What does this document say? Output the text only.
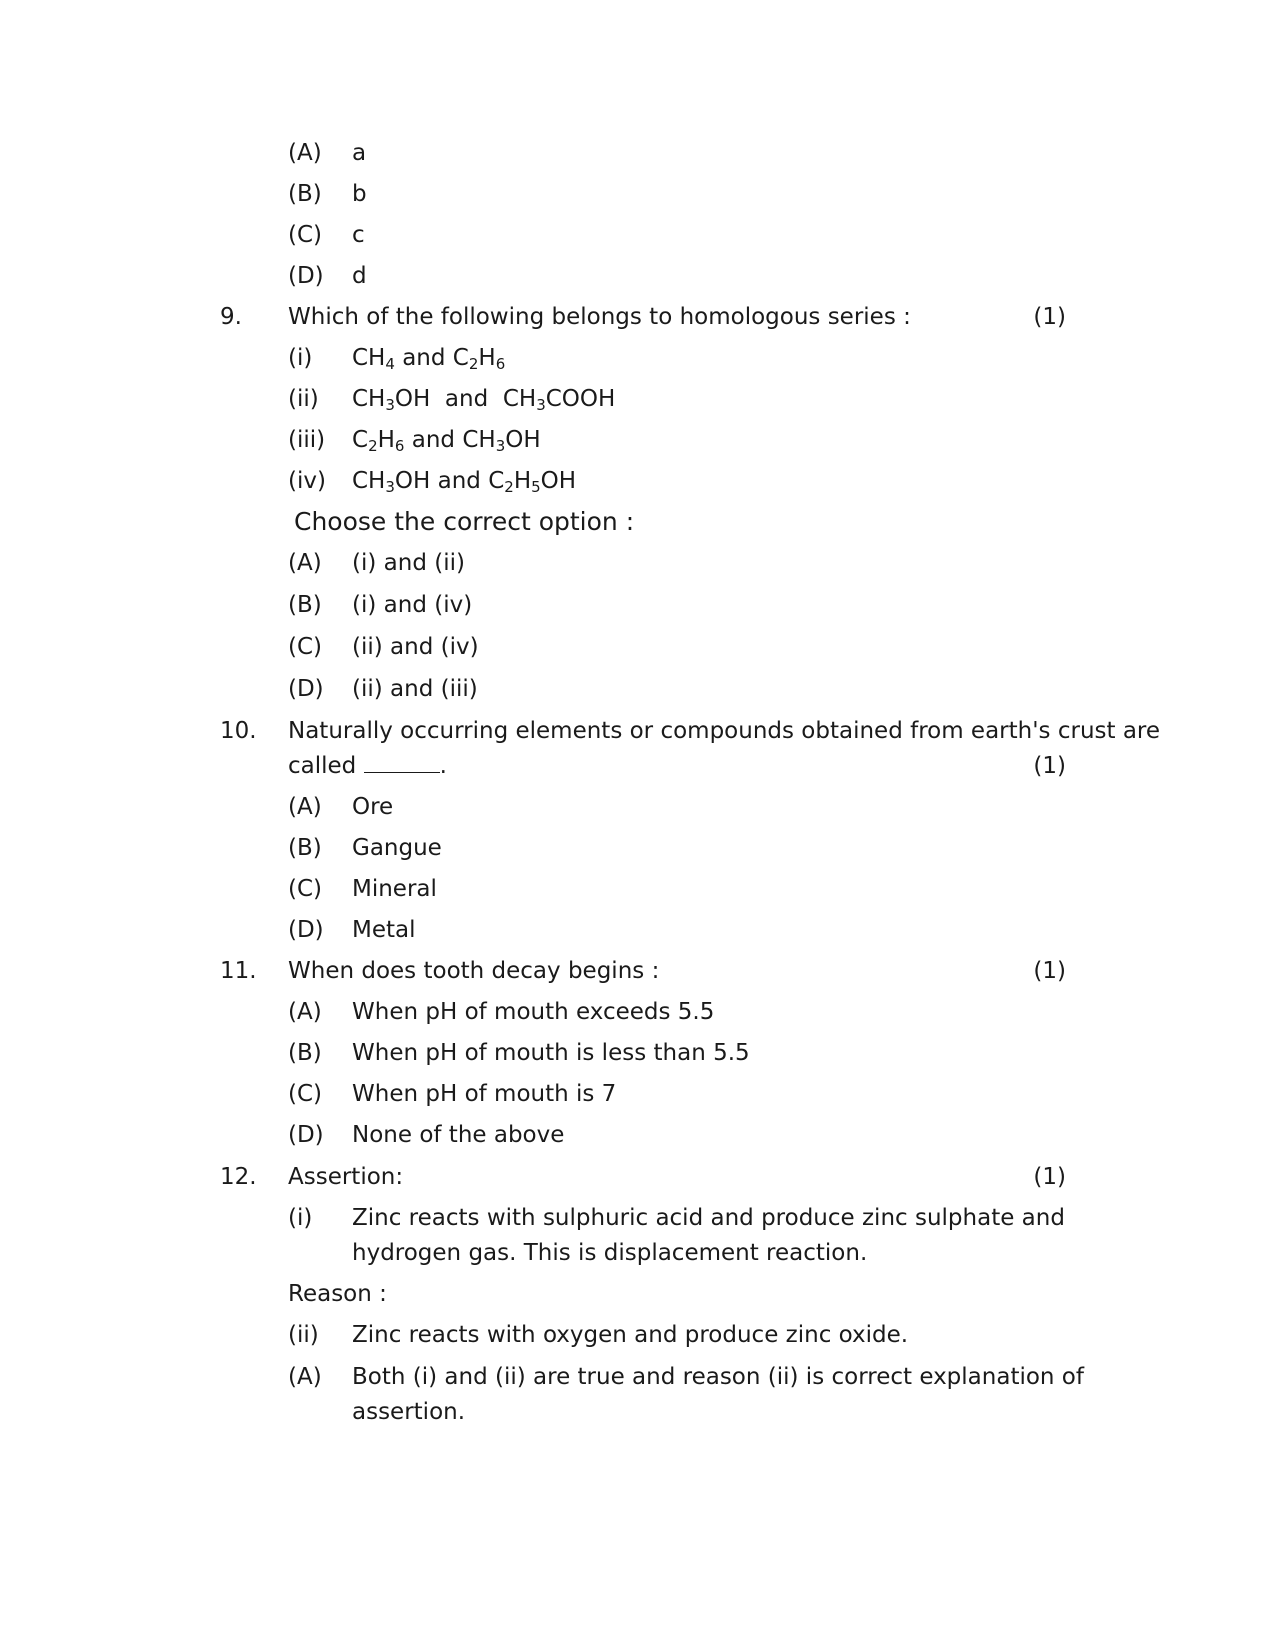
(A) a
(B) b
(C) c
(D) d
9. Which of the following belongs to homologous series :	(1)
(i) $CH_4$ and $C_2H_6$
(ii) $CH_3OH$  and  $CH_3COOH$
(iii) $C_2H_6$ and $CH_3OH$
(iv) $CH_3OH$ and $C_2H_5OH$
Choose the correct option :
(A) (i) and (ii)
(B) (i) and (iv)
(C) (ii) and (iv)
(D) (ii) and (iii)
10. Naturally occurring elements or compounds obtained from earth's crust are
called	.	(1)
(A) Ore
(B) Gangue
(C) Mineral
(D) Metal
11. When does tooth decay begins :	(1)
(A) When pH of mouth exceeds 5.5
(B) When pH of mouth is less than 5.5
(C) When pH of mouth is 7
(D) None of the above
12. Assertion:	(1)
(i) Zinc reacts with sulphuric acid and produce zinc sulphate and
hydrogen gas. This is displacement reaction.
Reason :
(ii) Zinc reacts with oxygen and produce zinc oxide.
(A) Both (i) and (ii) are true and reason (ii) is correct explanation of
assertion.
